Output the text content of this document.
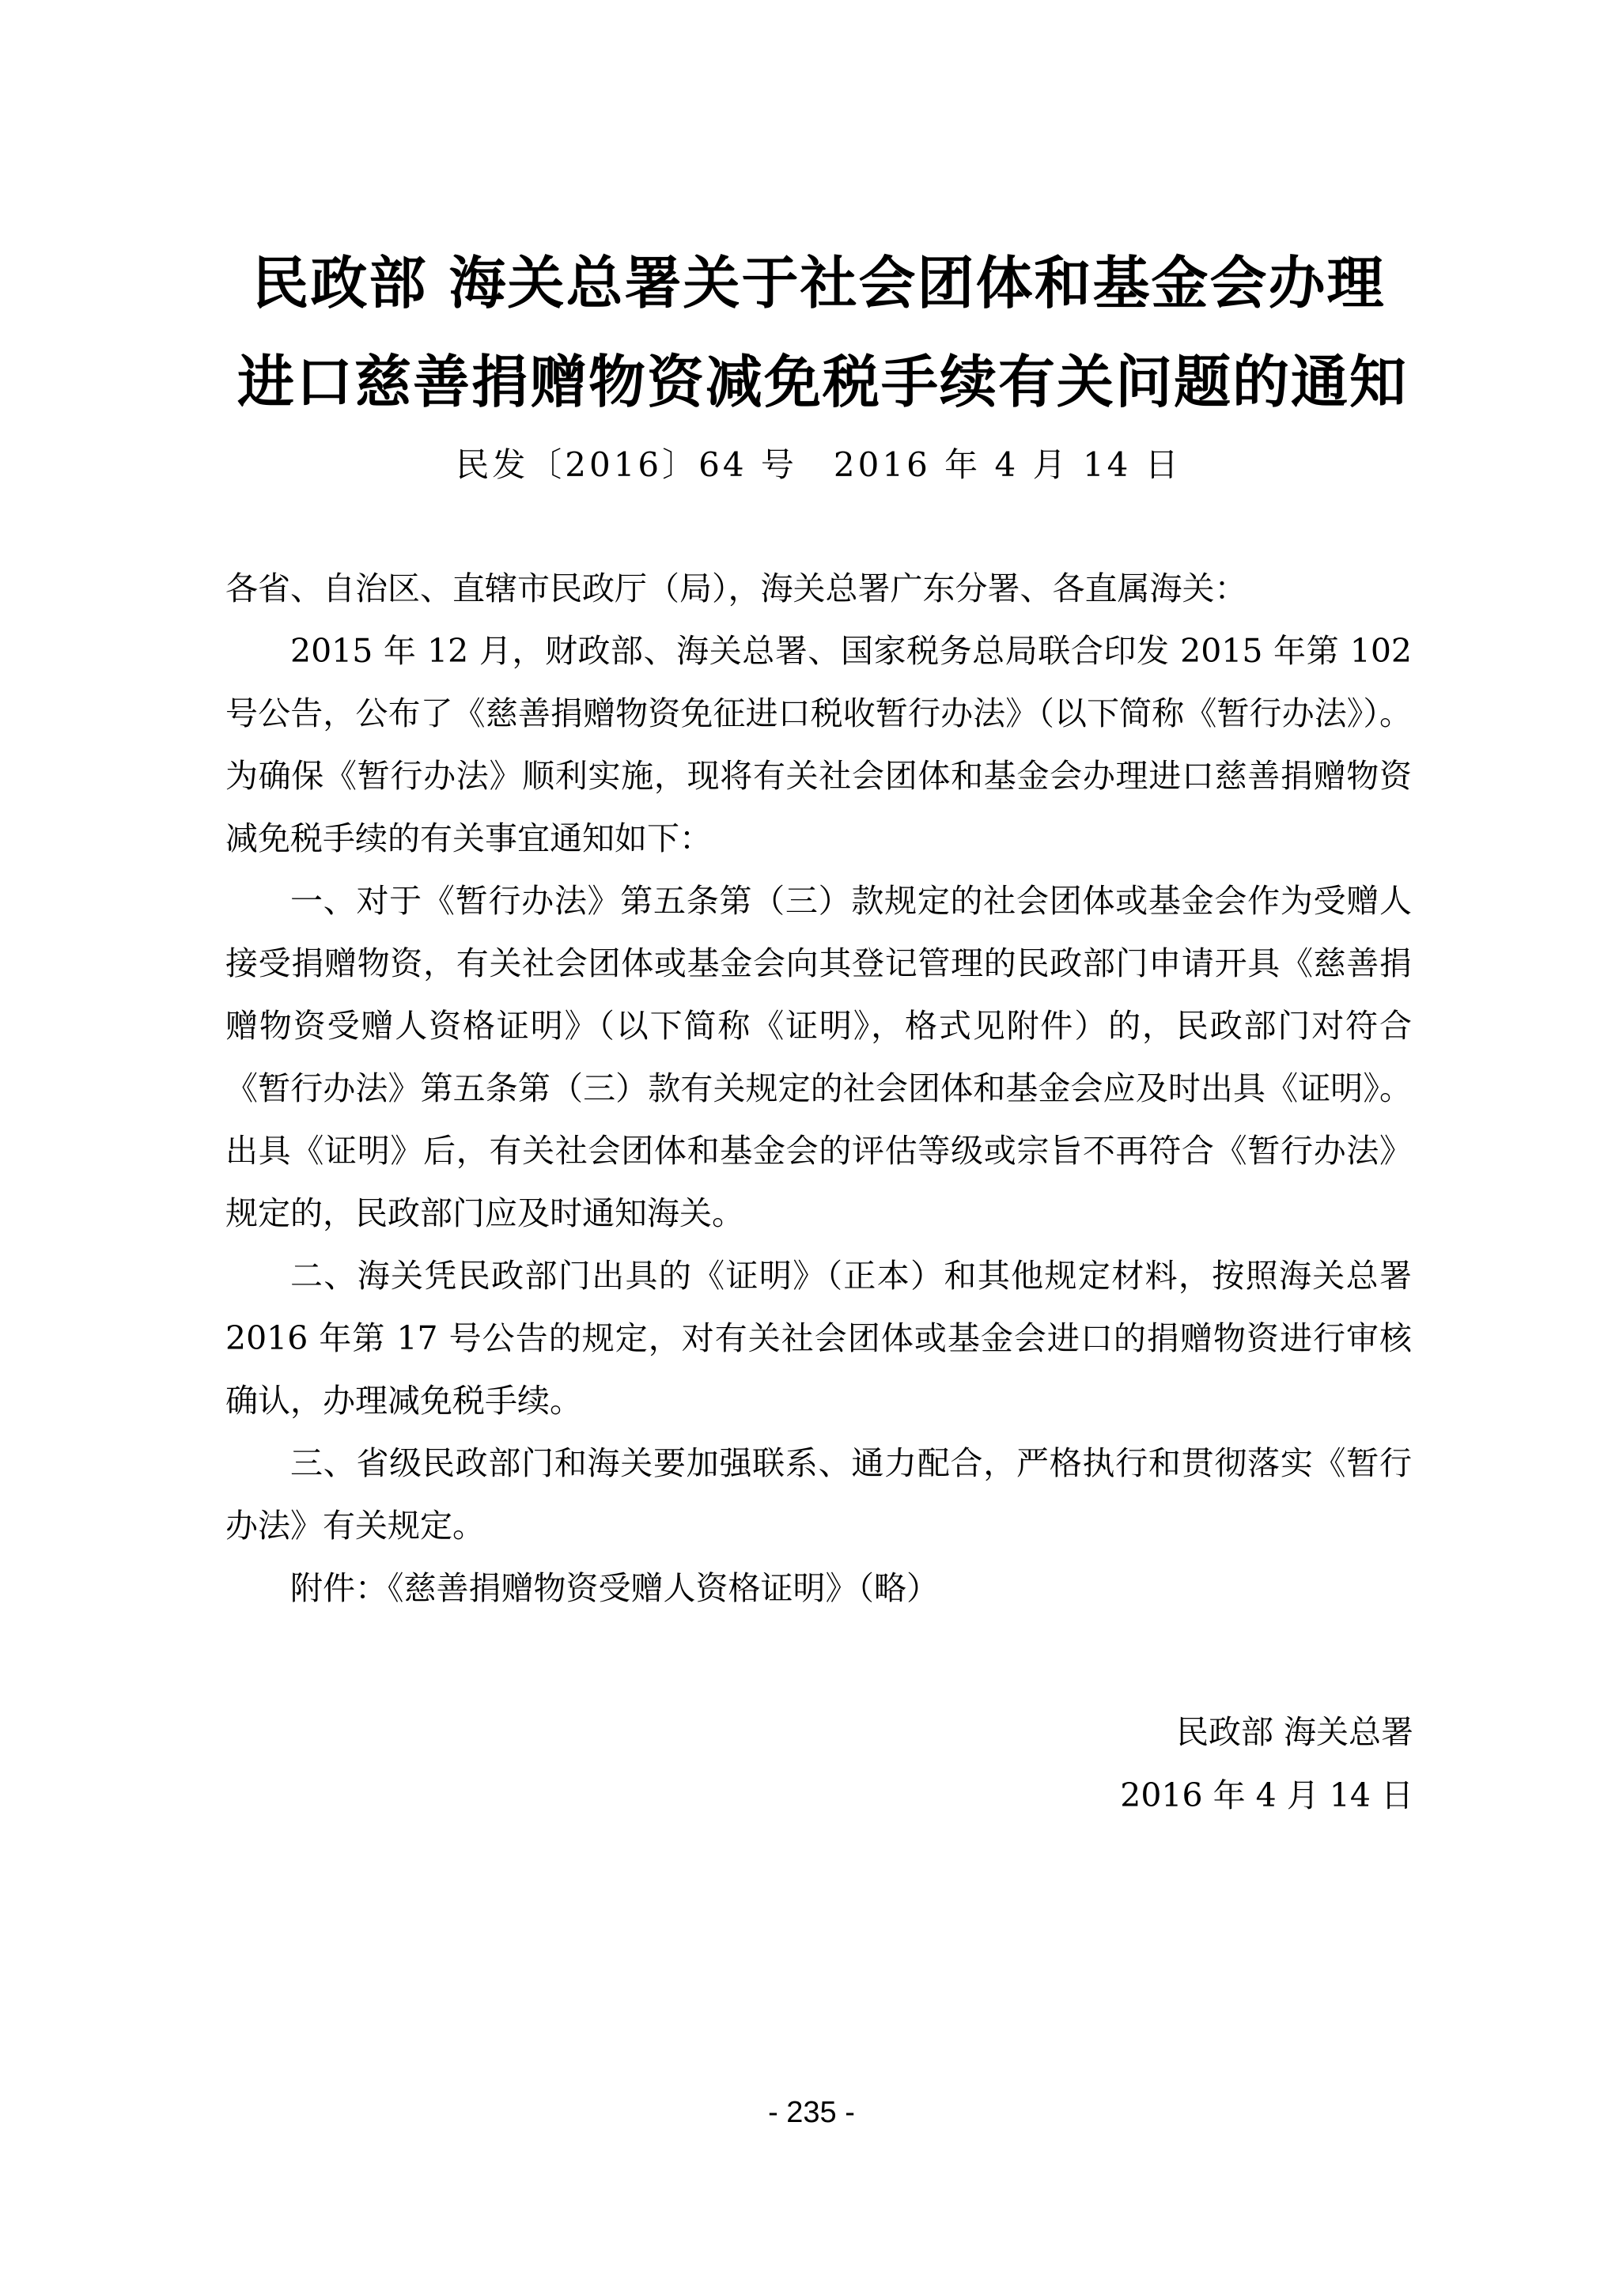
民政部 海关总署关于社会团体和基金会办理
进口慈善捐赠物资减免税手续有关问题的通知
民发〔2016〕64 号　2016 年 4 月 14 日

各省、自治区、直辖市民政厅（局），海关总署广东分署、各直属海关：

2015 年 12 月，财政部、海关总署、国家税务总局联合印发 2015 年第 102 号公告，公布了《慈善捐赠物资免征进口税收暂行办法》（以下简称《暂行办法》）。为确保《暂行办法》顺利实施，现将有关社会团体和基金会办理进口慈善捐赠物资减免税手续的有关事宜通知如下：

一、对于《暂行办法》第五条第（三）款规定的社会团体或基金会作为受赠人接受捐赠物资，有关社会团体或基金会向其登记管理的民政部门申请开具《慈善捐赠物资受赠人资格证明》（以下简称《证明》，格式见附件）的，民政部门对符合《暂行办法》第五条第（三）款有关规定的社会团体和基金会应及时出具《证明》。出具《证明》后，有关社会团体和基金会的评估等级或宗旨不再符合《暂行办法》规定的，民政部门应及时通知海关。

二、海关凭民政部门出具的《证明》（正本）和其他规定材料，按照海关总署 2016 年第 17 号公告的规定，对有关社会团体或基金会进口的捐赠物资进行审核确认，办理减免税手续。

三、省级民政部门和海关要加强联系、通力配合，严格执行和贯彻落实《暂行办法》有关规定。

附件：《慈善捐赠物资受赠人资格证明》（略）

民政部 海关总署
2016 年 4 月 14 日
- 235 -
